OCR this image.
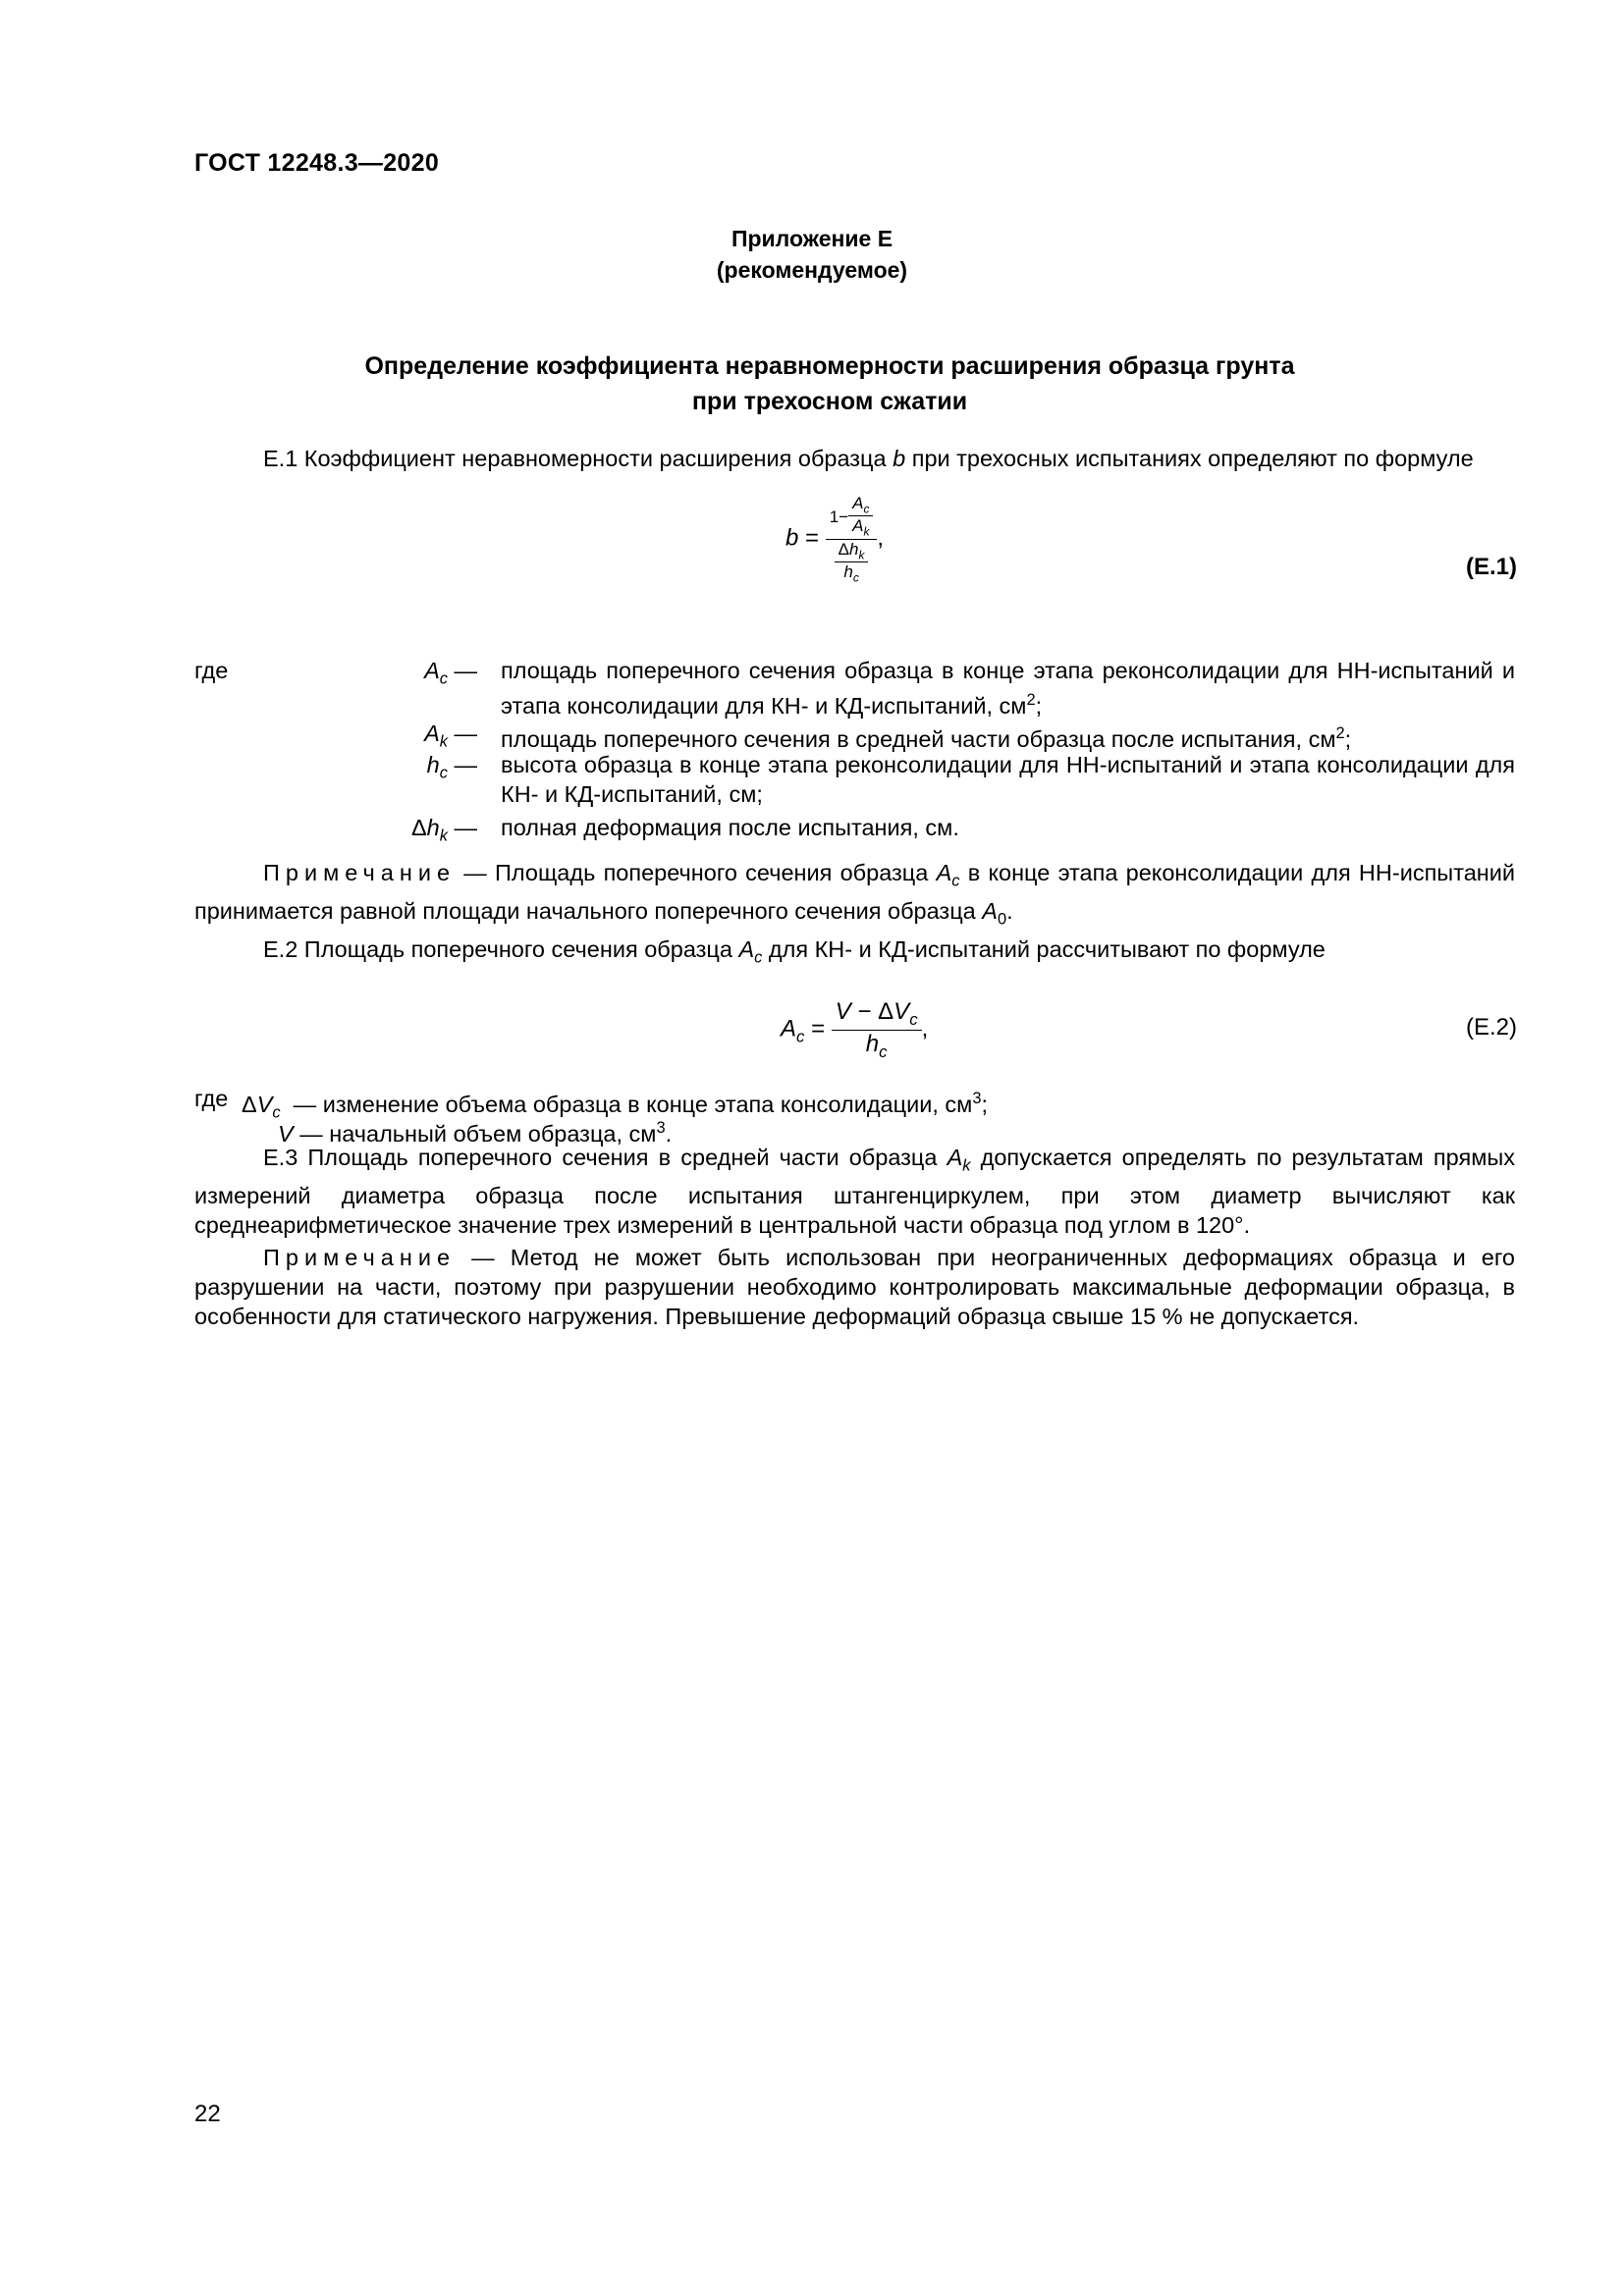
ГОСТ 12248.3—2020
Приложение Е
(рекомендуемое)
Определение коэффициента неравномерности расширения образца грунта
при трехосном сжатии
Е.1 Коэффициент неравномерности расширения образца b при трехосных испытаниях определяют по формуле
$b = \frac{1- \frac{A_c}{A_k}}{\frac{\Delta h_k}{h_c}}$ ,
(Е.1)
где	$A_c$ — площадь поперечного сечения образца в конце этапа реконсолидации для НН-испытаний и этапа консолидации для КН- и КД-испытаний, $см^2$;
$A_k$ — площадь поперечного сечения в средней части образца после испытания, $см^2$;
$h_c$ — высота образца в конце этапа реконсолидации для НН-испытаний и этапа консолидации для КН- и КД-испытаний, см;
$\Delta h_k$ — полная деформация после испытания, см.
Примечание — Площадь поперечного сечения образца $A_c$ в конце этапа реконсолидации для НН-испытаний принимается равной площади начального поперечного сечения образца $A_0$.
Е.2 Площадь поперечного сечения образца $A_c$ для КН- и КД-испытаний рассчитывают по формуле
$A_c = \frac{V - \Delta V_c}{h_c}$ ,	(Е.2)
где $\Delta V_c$ — изменение объема образца в конце этапа консолидации, $см^3$;
V — начальный объем образца, $см^3$.
Е.3 Площадь поперечного сечения в средней части образца $A_k$ допускается определять по результатам прямых измерений диаметра образца после испытания штангенциркулем, при этом диаметр вычисляют как среднеарифметическое значение трех измерений в центральной части образца под углом в 120°.
Примечание — Метод не может быть использован при неограниченных деформациях образца и его разрушении на части, поэтому при разрушении необходимо контролировать максимальные деформации образца, в особенности для статического нагружения. Превышение деформаций образца свыше 15 % не допускается.
22
